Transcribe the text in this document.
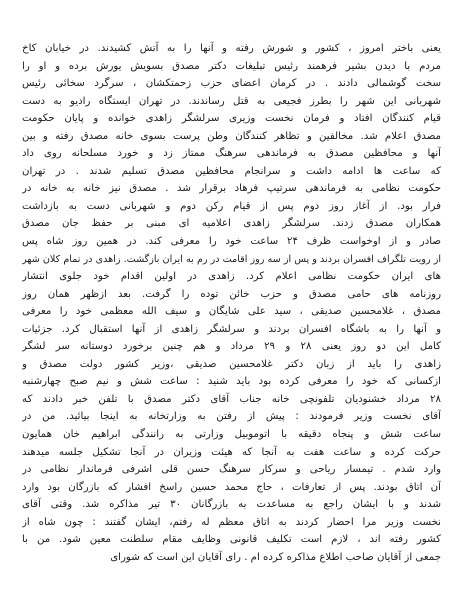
یعنی باختر امروز ، کشور و شورش رفته و آنها را به آتش کشیدند. در خیابان کاخ
مردم با دیدن بشیر فرهمند رئیس تبلیغات دکتر مصدق بسویش یورش برده و او را
سخت گوشمالی دادند . در کرمان اعضای حزب زحمتکشان ، سرگرد سخائی رئیس
شهربانی این شهر را بطرز فجیعی به قتل رساندند. در تهران ایستگاه رادیو به دست
قیام کنندگان افتاد و فرمان نخست وزیری سرلشگر زاهدی خوانده و پایان حکومت
مصدق اعلام شد. مخالفین و تظاهر کنندگان وطن پرست بسوی خانه مصدق رفته و بین
آنها و محافظین مصدق به فرماندهی سرهنگ ممتاز زد و خورد مسلحانه روی داد
که ساعت ها ادامه داشت و سرانجام محافظین مصدق تسلیم شدند . در تهران
حکومت نظامی به فرماندهی سرتیپ فرهاد برقرار شد . مصدق نیز خانه به خانه در
فرار بود. از آغاز روز دوم پس از قیام رکن دوم و شهربانی دست به بازداشت
همکاران مصدق زدند. سرلشگر زاهدی اعلامیه ای مبنی بر حفظ جان مصدق
صادر و از اوخواست ظرف ۲۴ ساعت خود را معرفی کند. در همین روز شاه پس
از رویت تلگراف افسران بردند و پس از سه روز اقامت در رم به ایران بازگشت. زاهدی در تمام کلان شهر
های ایران حکومت نظامی اعلام کرد. زاهدی در اولین اقدام خود جلوی انتشار
روزنامه های حامی مصدق و حزب خائن توده را گرفت. بعد ازظهر همان روز
مصدق ، غلامحسین صدیقی ، سید علی شایگان و سیف الله معظمی خود را معرفی
و آنها را به باشگاه افسران بردند و سرلشگر زاهدی از آنها استقبال کرد. جزئیات
کامل این دو روز یعنی ۲۸ و ۲۹ مرداد و هم چنین برخورد دوستانه سر لشگر
زاهدی را باید از زبان دکتر غلامحسین صدیقی ،وزیر کشور دولت مصدق و
ازکسانی که خود را معرفی کرده بود باید شنید : ساعت شش و نیم صبح چهارشنبه
۲۸ مرداد خشنودیان تلفونچی خانه جناب آقای دکتر مصدق با تلفن خبر دادند که
آقای نخست وزیر فرمودند : پیش از رفتن به وزارتخانه به اینجا بیائید. من در
ساعت شش و پنجاه دقیقه با اتوموبیل وزارتی به رانندگی ابراهیم خان همایون
حرکت کرده و ساعت هفت به آنجا که هیئت وزیران در آنجا تشکیل جلسه میدهند
وارد شدم . تیمسار ریاحی و سرکار سرهنگ حسن قلی اشرفی فرماندار نظامی در
آن اتاق بودند. پس از تعارفات ، حاج محمد حسین راسخ افشار که بازرگان بود وارد
شدند و با ایشان راجع به مساعدت به بازرگانان ۳۰ تیر مذاکره شد. وقتی آقای
نخست وزیر مرا احضار کردند به اتاق معظم له رفتم، ایشان گفتند : چون شاه از
کشور رفته اند ، لازم است تکلیف قانونی وظایف مقام سلطنت معین شود. من با
جمعی از آقایان صاحب اطلاع مذاکره کرده ام . رای آقایان این است که شورای
